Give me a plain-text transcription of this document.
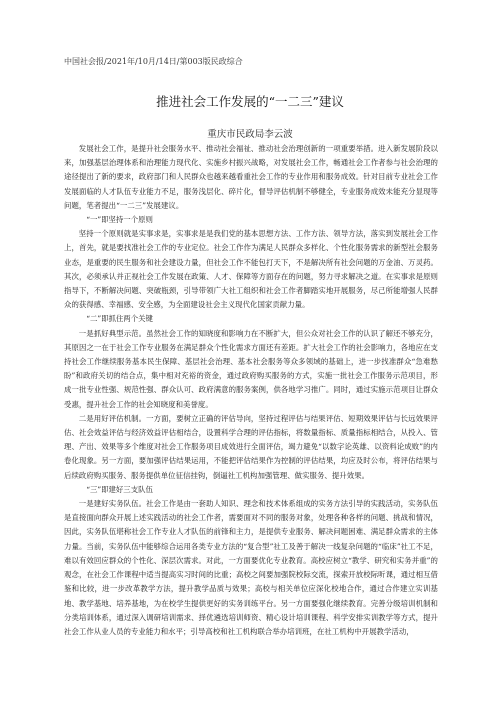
中国社会报/2021年/10月/14日/第003版民政综合
推进社会工作发展的“一二三”建议
重庆市民政局李云波

发展社会工作，是提升社会服务水平、推动社会福祉、推动社会治理创新的一项重要举措。进入新发展阶段以来，加强基层治理体系和治理能力现代化、实施乡村振兴战略，对发展社会工作，畅通社会工作者参与社会治理的途径提出了新的要求，政府部门和人民群众也越来越看重社会工作的专业作用和服务成效。针对目前专业社会工作发展面临的人才队伍专业能力不足，服务浅层化、碎片化，督导评估机制不够健全，专业服务成效未能充分显现等问题，笔者提出“一二三”发展建议。

“一”即坚持一个原则

坚持一个原则就是实事求是，实事求是是我们党的基本思想方法、工作方法、领导方法，落实到发展社会工作上，首先，就是要找准社会工作的专业定位。社会工作作为满足人民群众多样化、个性化服务需求的新型社会服务业态，是重要的民生服务和社会建设力量，但社会工作不能包打天下，不是解决所有社会问题的万金油、万灵药。其次，必须承认并正视社会工作发展在政策、人才、保障等方面存在的问题，努力寻求解决之道。在实事求是原则指导下，不断解决问题、突破瓶颈，引导带领广大社工组织和社会工作者脚踏实地开展服务，尽己所能增强人民群众的获得感、幸福感、安全感，为全面建设社会主义现代化国家贡献力量。

“二”即抓住两个关键

一是抓好典型示范。虽然社会工作的知晓度和影响力在不断扩大，但公众对社会工作的认识了解还不够充分，其原因之一在于社会工作专业服务在满足群众个性化需求方面还有差距。扩大社会工作的社会影响力，各地应在支持社会工作继续服务基本民生保障、基层社会治理、基本社会服务等众多领域的基础上，进一步找准群众“急难愁盼”和政府关切的结合点，集中相对充裕的资金，通过政府购买服务的方式，实施一批社会工作服务示范项目，形成一批专业性强、规范性强、群众认可、政府满意的服务案例，供各地学习推广。同时，通过实施示范项目让群众受惠，提升社会工作的社会知晓度和美誉度。

二是用好评估机制。一方面，要树立正确的评估导向，坚持过程评估与结果评估、短期效果评估与长远效果评估、社会效益评估与经济效益评估相结合，设置科学合理的评估指标，将数量指标、质量指标相结合，从投入、管理、产出、效果等多个维度对社会工作服务项目成效进行全面评估，竭力避免“以数字论英雄、以资料论成败”的内卷化现象。另一方面，要加强评估结果运用，不能把评估结果作为控制的评估结果，均应及时公布，将评估结果与后续政府购买服务、服务提供单位征信挂钩，倒逼社工机构加强管理、做实服务、提升效果。

“三”即建好三支队伍

一是建好实务队伍。社会工作是由一套助人知识、理念和技术体系组成的实务方法引导的实践活动，实务队伍是直接面向群众开展上述实践活动的社会工作者，需要面对不同的服务对象，处理各种各样的问题、挑战和情况，因此，实务队伍堪称社会工作专业人才队伍的前锋和主力，是提供专业服务、解决问题困难、满足群众需求的主体力量。当前，实务队伍中能够综合运用各类专业方法的“复合型”社工及善于解决一线复杂问题的“临床”社工不足，难以有效回应群众的个性化、深层次需求。对此，一方面要优化专业教育。高校应树立“教学、研究和实务并重”的观念，在社会工作课程中适当提高实习时间的比重；高校之间要加强院校际交流，探索开放校际听课，通过相互借鉴和比较，进一步改革教学方法，提升教学品质与效果；高校与相关单位应深化校地合作，通过合作建立实训基地、教学基地、培养基地，为在校学生提供更好的实务训练平台。另一方面要强化继续教育。完善分级培训机制和分类培训体系，通过深入调研培训需求、择优遴选培训师资、精心设计培训课程、科学安排实训教学等方式，提升社会工作从业人员的专业能力和水平；引导高校和社工机构联合举办培训班，在社工机构中开展教学活动，
